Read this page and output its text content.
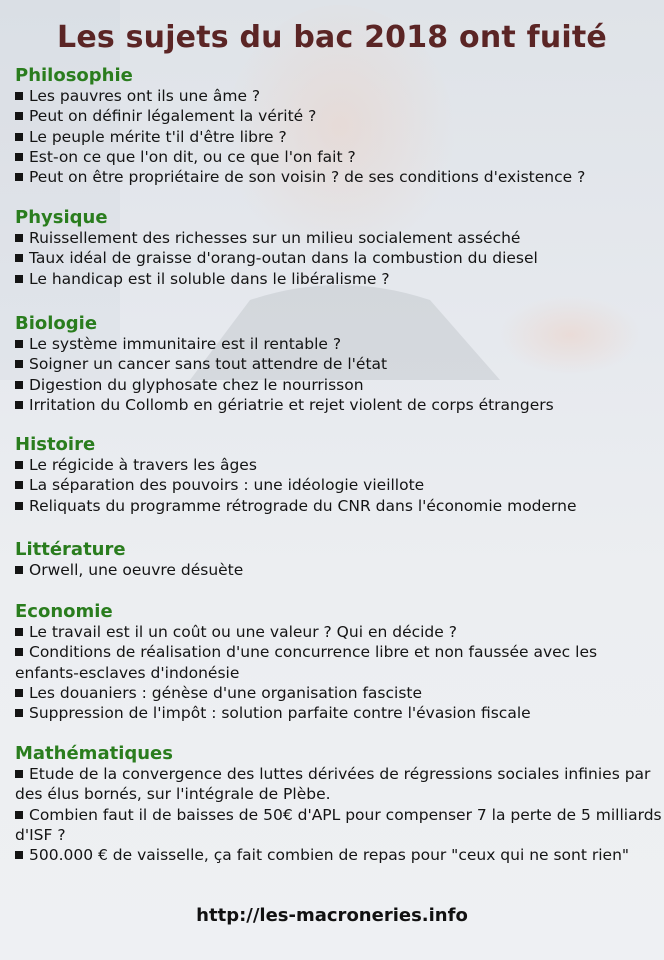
Les sujets du bac 2018 ont fuité
Philosophie
Les pauvres ont ils une âme ?
Peut on définir légalement la vérité ?
Le peuple mérite t'il d'être libre ?
Est-on ce que l'on dit, ou ce que l'on fait ?
Peut on être propriétaire de son voisin ? de ses conditions d'existence ?
Physique
Ruissellement des richesses sur un milieu socialement asséché
Taux idéal de graisse d'orang-outan dans la combustion du diesel
Le handicap est il soluble dans le libéralisme ?
Biologie
Le système immunitaire est il rentable ?
Soigner un cancer sans tout attendre de l'état
Digestion du glyphosate chez le nourrisson
Irritation du Collomb en gériatrie et rejet violent de corps étrangers
Histoire
Le régicide à travers les âges
La séparation des pouvoirs : une idéologie vieillote
Reliquats du programme rétrograde du CNR dans l'économie moderne
Littérature
Orwell, une oeuvre désuète
Economie
Le travail est il un coût ou une valeur ? Qui en décide ?
Conditions de réalisation d'une concurrence libre et non faussée avec les enfants-esclaves d'indonésie
Les douaniers : génèse d'une organisation fasciste
Suppression de l'impôt : solution parfaite contre l'évasion fiscale
Mathématiques
Etude de la convergence des luttes dérivées de régressions sociales infinies par des élus bornés, sur l'intégrale de Plèbe.
Combien faut il de baisses de 50€ d'APL pour compenser 7 la perte de 5 milliards d'ISF ?
500.000 € de vaisselle, ça fait combien de repas pour "ceux qui ne sont rien"
http://les-macroneries.info
